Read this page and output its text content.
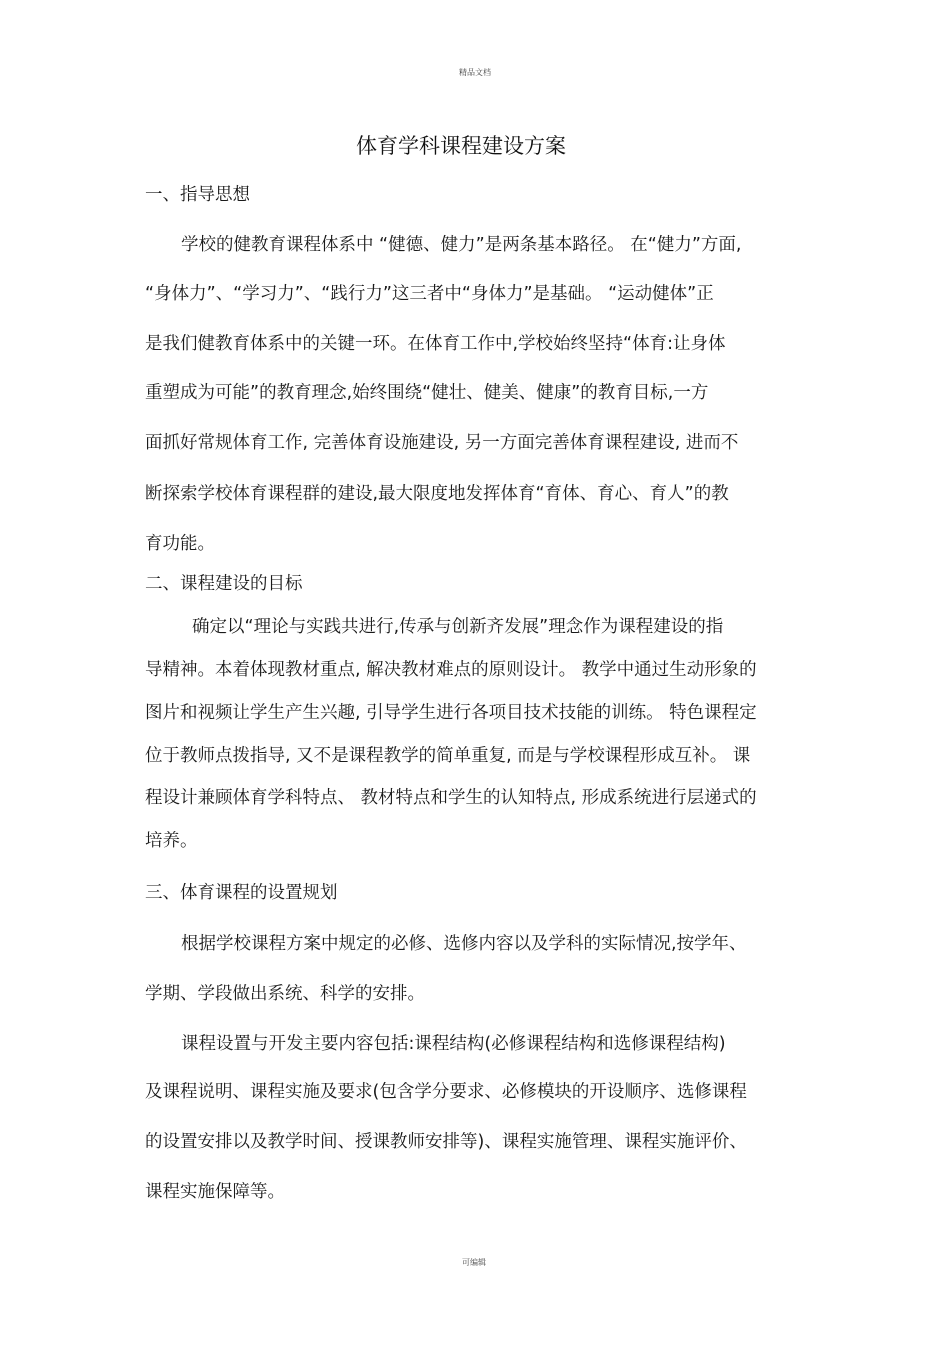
精品文档
体育学科课程建设方案
一、指导思想
学校的健教育课程体系中 “健德、健力”是两条基本路径。 在“健力”方面,
“身体力”、“学习力”、“践行力”这三者中“身体力”是基础。 “运动健体”正
是我们健教育体系中的关键一环。在体育工作中,学校始终坚持“体育:让身体
重塑成为可能”的教育理念,始终围绕“健壮、健美、健康”的教育目标,一方
面抓好常规体育工作, 完善体育设施建设, 另一方面完善体育课程建设, 进而不
断探索学校体育课程群的建设,最大限度地发挥体育“育体、育心、育人”的教
育功能。
二、课程建设的目标
确定以“理论与实践共进行,传承与创新齐发展”理念作为课程建设的指
导精神。本着体现教材重点, 解决教材难点的原则设计。 教学中通过生动形象的
图片和视频让学生产生兴趣, 引导学生进行各项目技术技能的训练。 特色课程定
位于教师点拨指导, 又不是课程教学的简单重复, 而是与学校课程形成互补。 课
程设计兼顾体育学科特点、 教材特点和学生的认知特点, 形成系统进行层递式的
培养。
三、体育课程的设置规划
根据学校课程方案中规定的必修、选修内容以及学科的实际情况,按学年、
学期、学段做出系统、科学的安排。
课程设置与开发主要内容包括:课程结构(必修课程结构和选修课程结构)
及课程说明、课程实施及要求(包含学分要求、必修模块的开设顺序、选修课程
的设置安排以及教学时间、授课教师安排等)、课程实施管理、课程实施评价、
课程实施保障等。
可编辑
